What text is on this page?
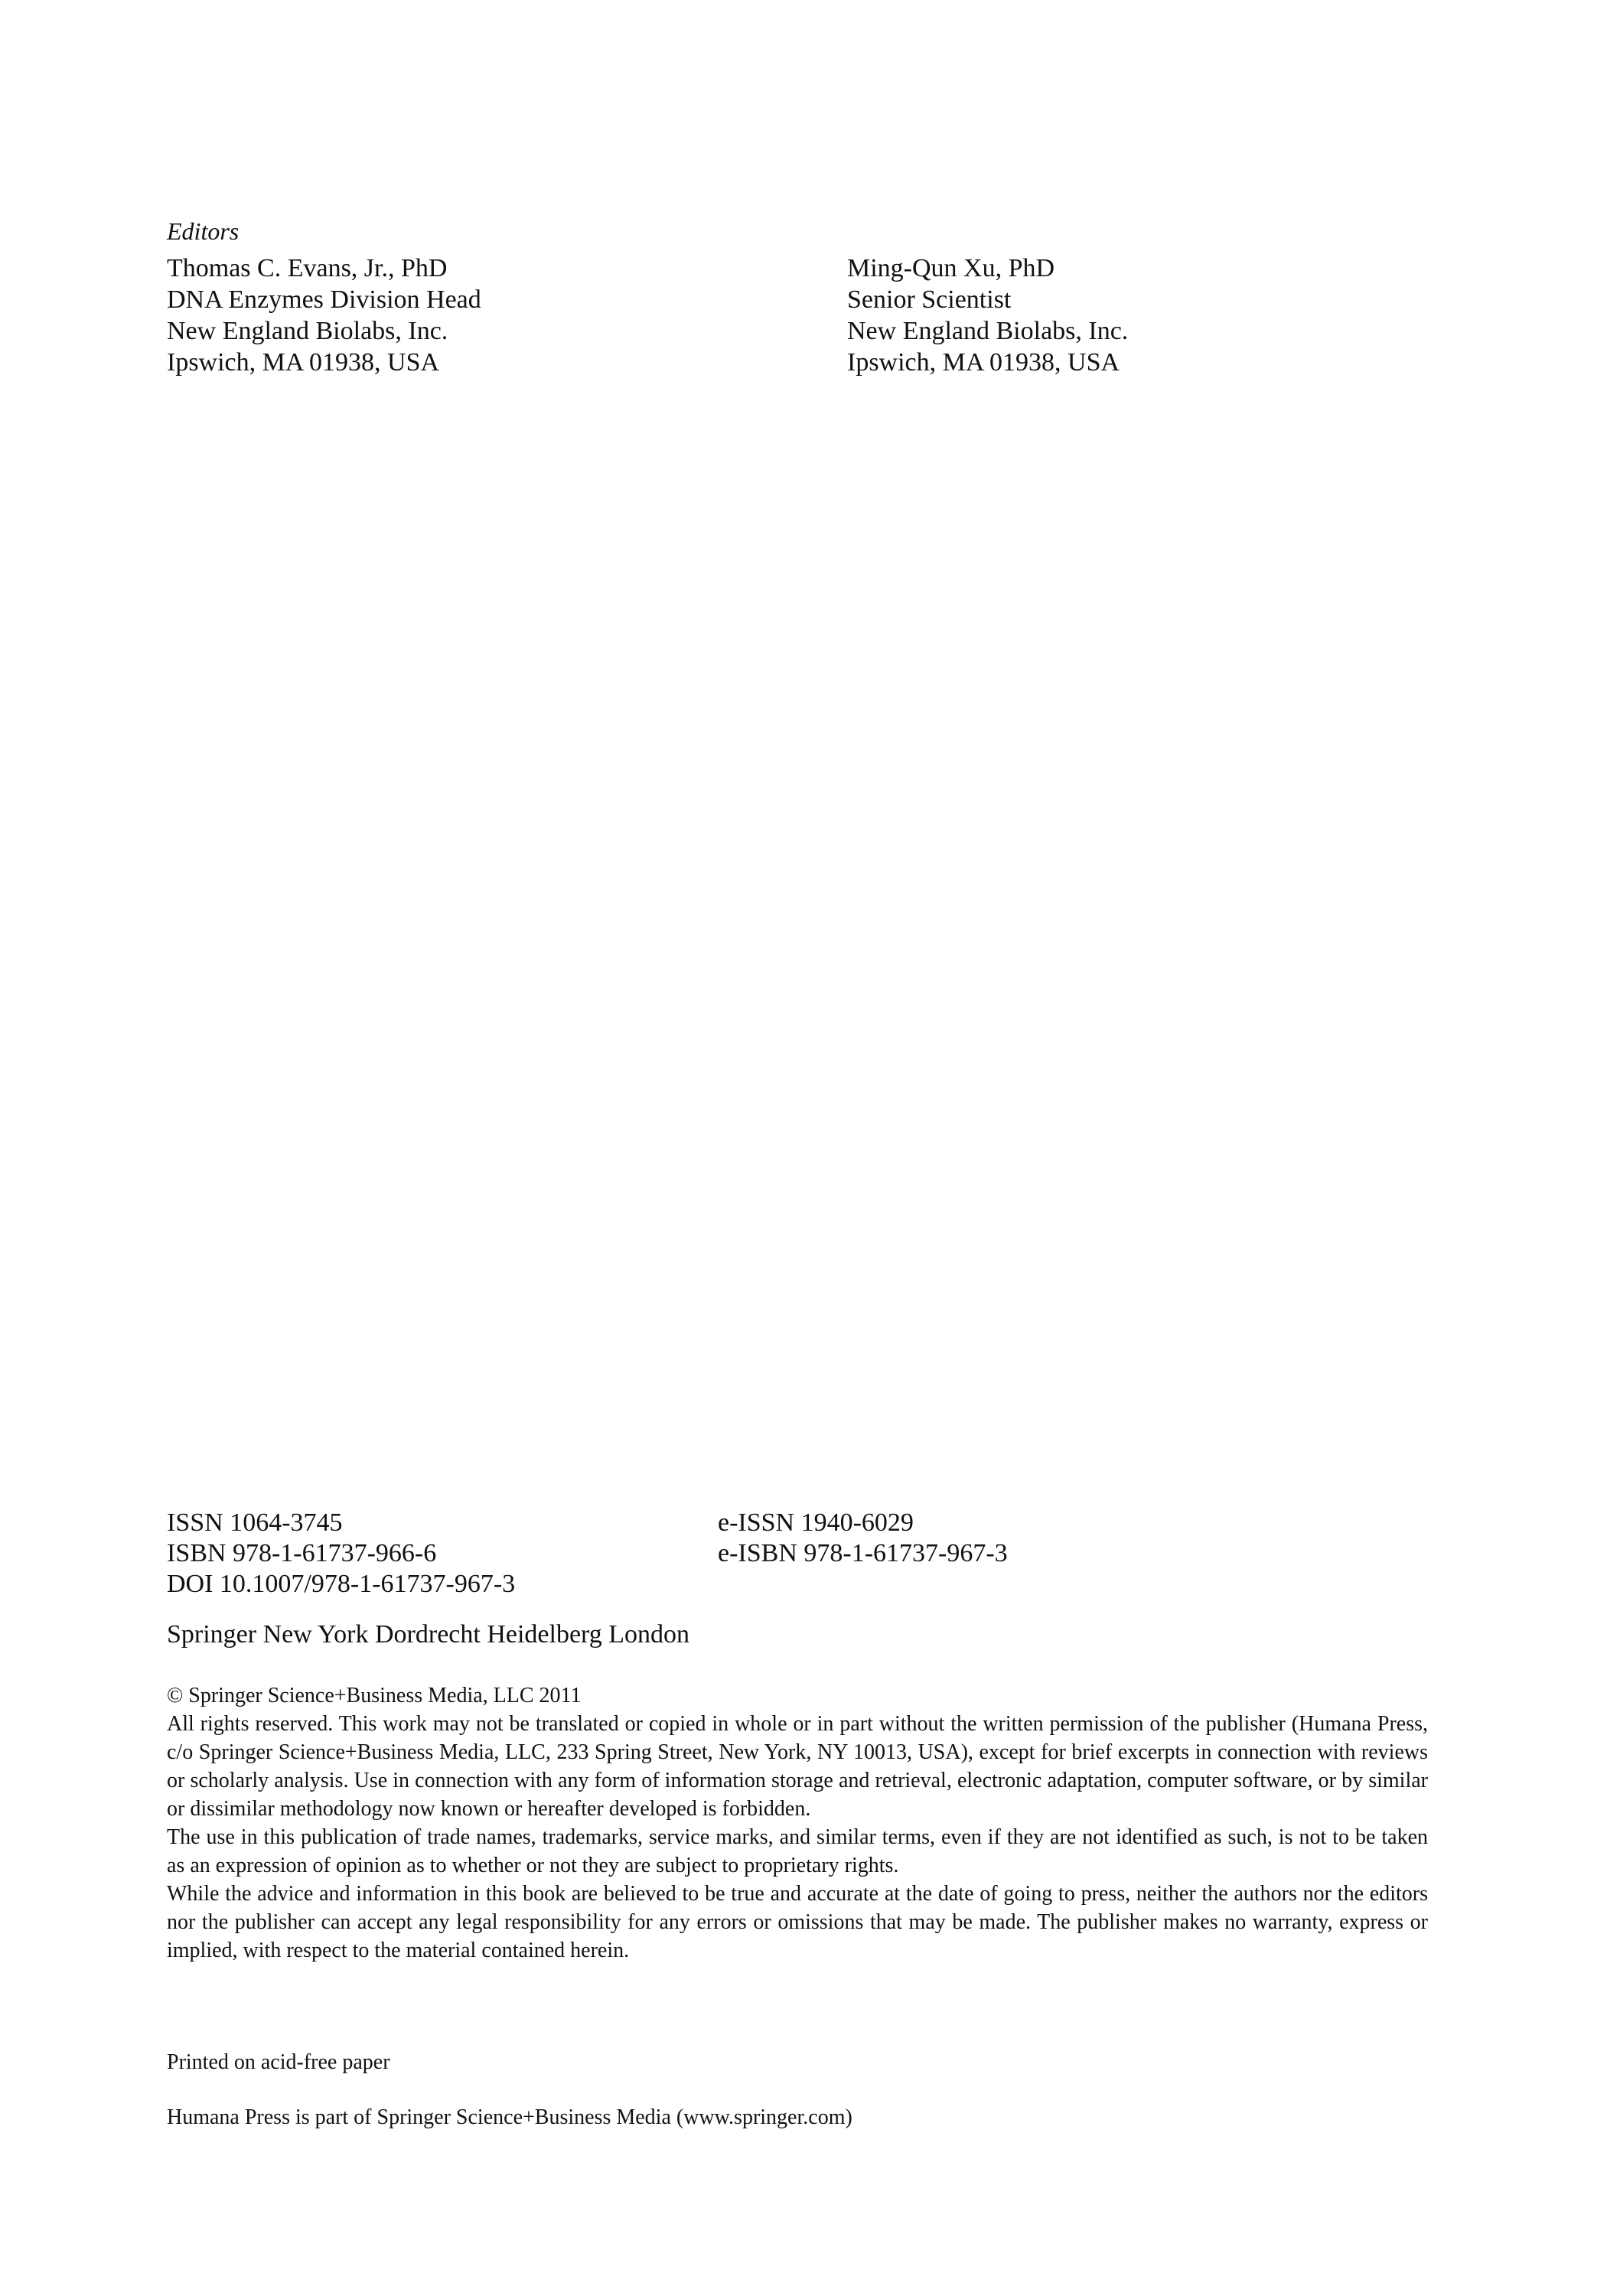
Editors
Thomas C. Evans, Jr., PhD
DNA Enzymes Division Head
New England Biolabs, Inc.
Ipswich, MA 01938, USA
Ming-Qun Xu, PhD
Senior Scientist
New England Biolabs, Inc.
Ipswich, MA 01938, USA
ISSN 1064-3745
ISBN 978-1-61737-966-6
e-ISSN 1940-6029
e-ISBN 978-1-61737-967-3
DOI 10.1007/978-1-61737-967-3
Springer New York Dordrecht Heidelberg London

© Springer Science+Business Media, LLC 2011

All rights reserved. This work may not be translated or copied in whole or in part without the written permission of the publisher (Humana Press, c/o Springer Science+Business Media, LLC, 233 Spring Street, New York, NY 10013, USA), except for brief excerpts in connection with reviews or scholarly analysis. Use in connection with any form of information storage and retrieval, electronic adaptation, computer software, or by similar or dissimilar methodology now known or hereafter developed is forbidden.

The use in this publication of trade names, trademarks, service marks, and similar terms, even if they are not identified as such, is not to be taken as an expression of opinion as to whether or not they are subject to proprietary rights.

While the advice and information in this book are believed to be true and accurate at the date of going to press, neither the authors nor the editors nor the publisher can accept any legal responsibility for any errors or omissions that may be made. The publisher makes no warranty, express or implied, with respect to the material contained herein.

Printed on acid-free paper
Humana Press is part of Springer Science+Business Media (www.springer.com)
